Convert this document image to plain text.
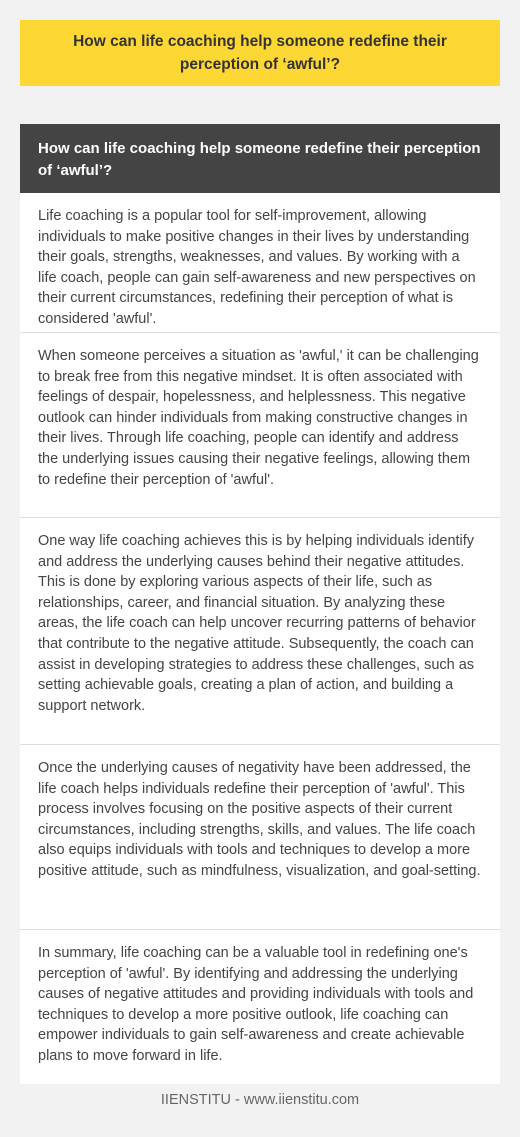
How can life coaching help someone redefine their perception of ‘awful’?
How can life coaching help someone redefine their perception of ‘awful’?
Life coaching is a popular tool for self-improvement, allowing individuals to make positive changes in their lives by understanding their goals, strengths, weaknesses, and values. By working with a life coach, people can gain self-awareness and new perspectives on their current circumstances, redefining their perception of what is considered 'awful'.
When someone perceives a situation as 'awful,' it can be challenging to break free from this negative mindset. It is often associated with feelings of despair, hopelessness, and helplessness. This negative outlook can hinder individuals from making constructive changes in their lives. Through life coaching, people can identify and address the underlying issues causing their negative feelings, allowing them to redefine their perception of 'awful'.
One way life coaching achieves this is by helping individuals identify and address the underlying causes behind their negative attitudes. This is done by exploring various aspects of their life, such as relationships, career, and financial situation. By analyzing these areas, the life coach can help uncover recurring patterns of behavior that contribute to the negative attitude. Subsequently, the coach can assist in developing strategies to address these challenges, such as setting achievable goals, creating a plan of action, and building a support network.
Once the underlying causes of negativity have been addressed, the life coach helps individuals redefine their perception of 'awful'. This process involves focusing on the positive aspects of their current circumstances, including strengths, skills, and values. The life coach also equips individuals with tools and techniques to develop a more positive attitude, such as mindfulness, visualization, and goal-setting.
In summary, life coaching can be a valuable tool in redefining one's perception of 'awful'. By identifying and addressing the underlying causes of negative attitudes and providing individuals with tools and techniques to develop a more positive outlook, life coaching can empower individuals to gain self-awareness and create achievable plans to move forward in life.
IIENSTITU - www.iienstitu.com
